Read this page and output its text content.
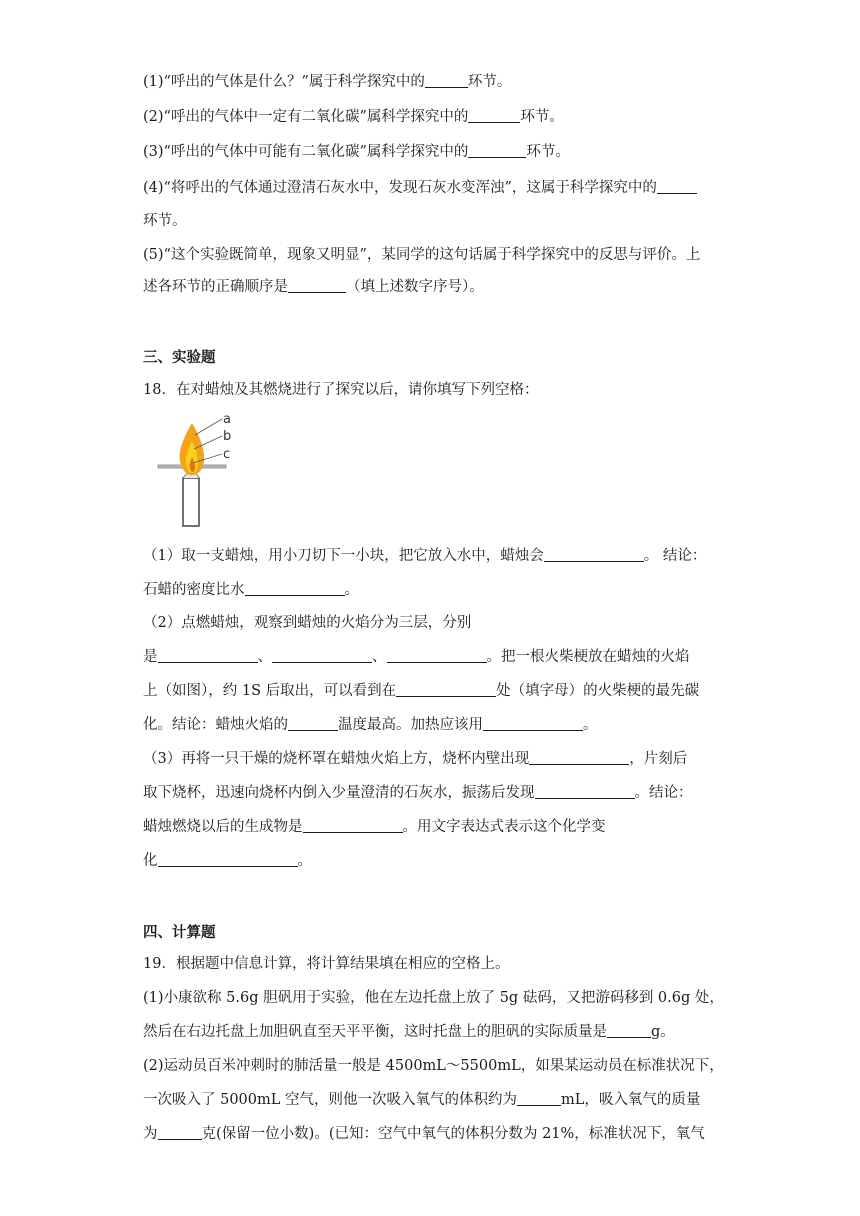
(1)“呼出的气体是什么？”属于科学探究中的	环节。
(2)“呼出的气体中一定有二氧化碳”属科学探究中的	环节。
(3)“呼出的气体中可能有二氧化碳”属科学探究中的	环节。
(4)“将呼出的气体通过澄清石灰水中，发现石灰水变浑浊”，这属于科学探究中的
环节。
(5)“这个实验既简单，现象又明显”，某同学的这句话属于科学探究中的反思与评价。上
述各环节的正确顺序是	（填上述数字序号）。
三、实验题
18．在对蜡烛及其燃烧进行了探究以后，请你填写下列空格：
a
b
c
（1）取一支蜡烛，用小刀切下一小块，把它放入水中，蜡烛会	。 结论：
石蜡的密度比水	。
（2）点燃蜡烛，观察到蜡烛的火焰分为三层，分别
是	、	、	。把一根火柴梗放在蜡烛的火焰
上（如图），约 1S 后取出，可以看到在	处（填字母）的火柴梗的最先碳
化。结论：蜡烛火焰的	温度最高。加热应该用	。
（3）再将一只干燥的烧杯罩在蜡烛火焰上方，烧杯内壁出现	，片刻后
取下烧杯，迅速向烧杯内倒入少量澄清的石灰水，振荡后发现	。结论：
蜡烛燃烧以后的生成物是	。用文字表达式表示这个化学变
化	。
四、计算题
19．根据题中信息计算，将计算结果填在相应的空格上。
(1)小康欲称 5.6g 胆矾用于实验，他在左边托盘上放了 5g 砝码，又把游码移到 0.6g 处，
然后在右边托盘上加胆矾直至天平平衡，这时托盘上的胆矾的实际质量是	g。
(2)运动员百米冲刺时的肺活量一般是 4500mL～5500mL，如果某运动员在标准状况下，
一次吸入了 5000mL 空气，则他一次吸入氧气的体积约为	mL，吸入氧气的质量
为	克(保留一位小数)。(已知：空气中氧气的体积分数为 21%，标准状况下，氧气
